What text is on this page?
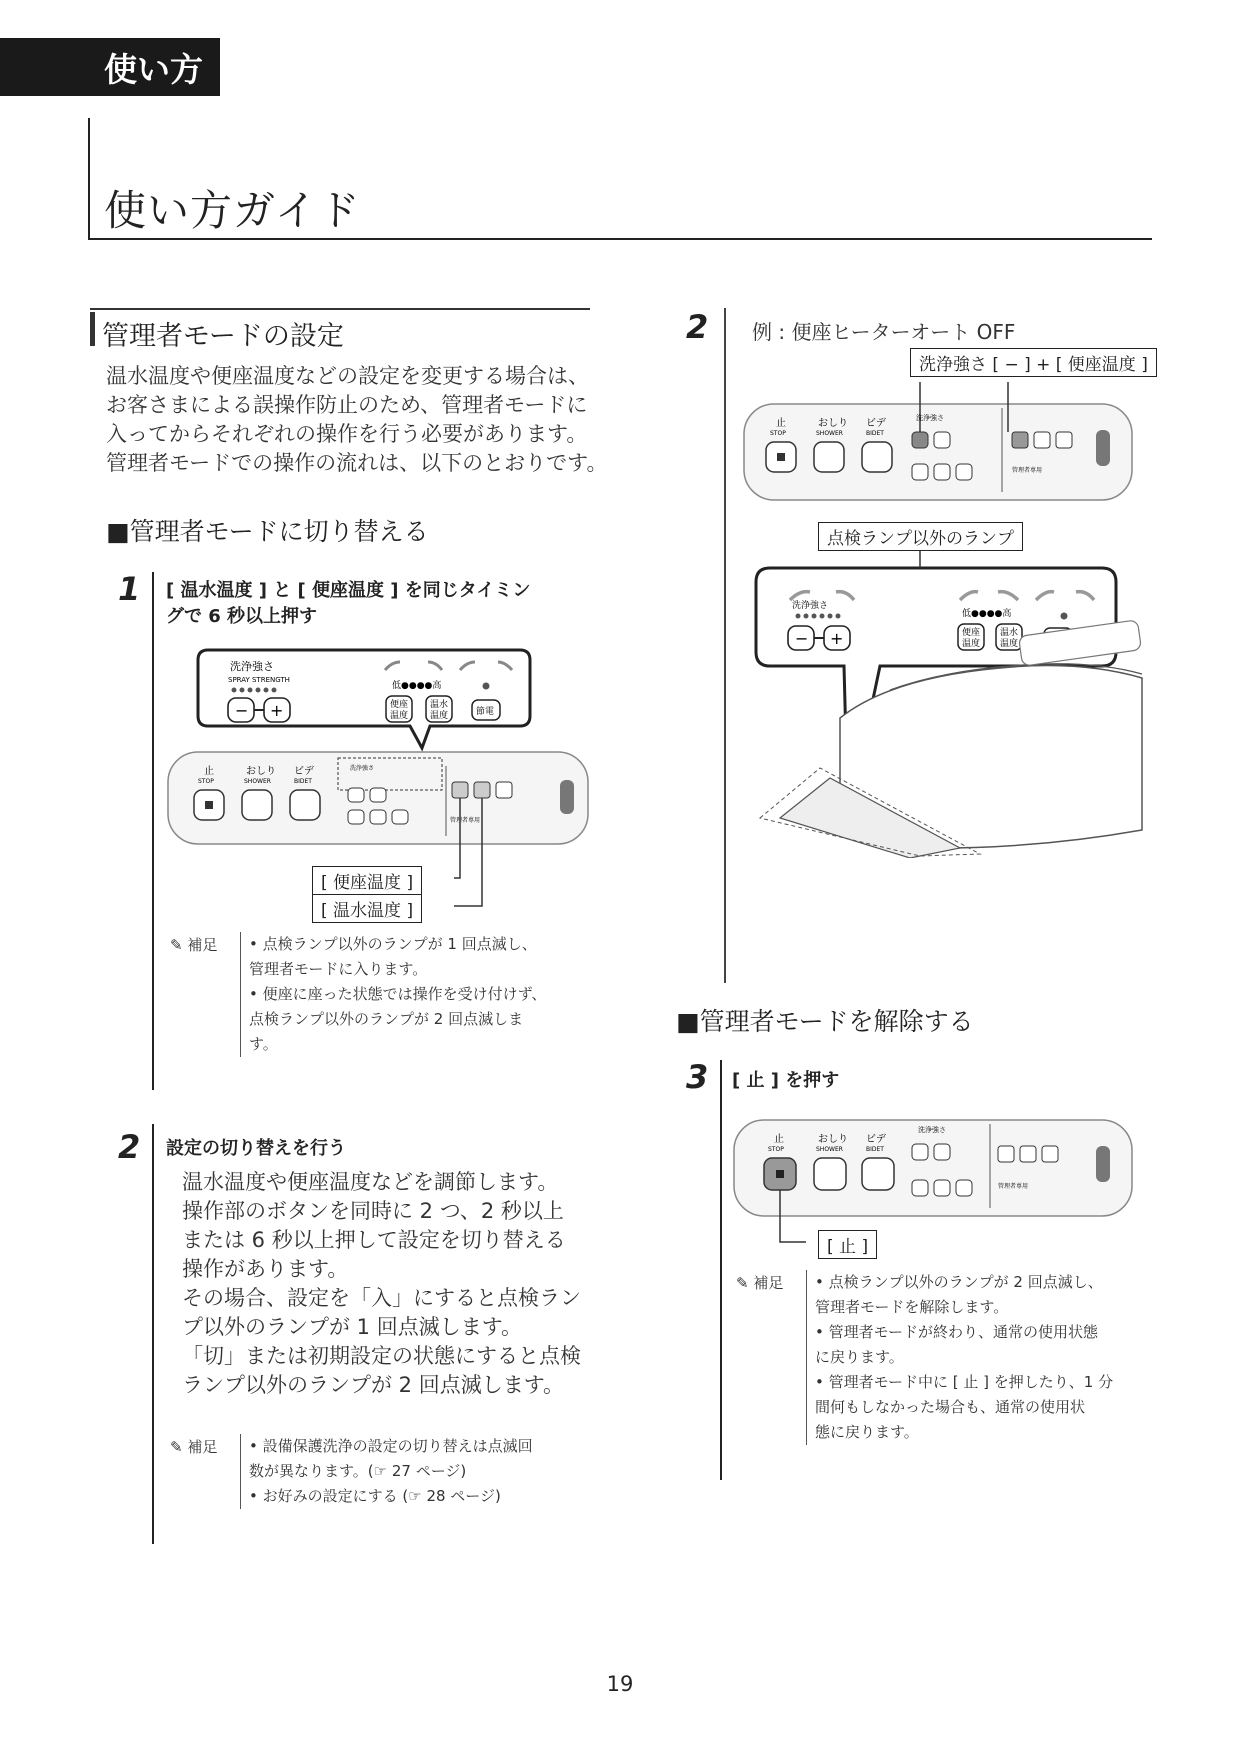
使い方
使い方ガイド
管理者モードの設定

温水温度や便座温度などの設定を変更する場合は、

お客さまによる誤操作防止のため、管理者モードに

入ってからそれぞれの操作を行う必要があります。

管理者モードでの操作の流れは、以下のとおりです。

■管理者モードに切り替える
1 [ 温水温度 ] と [ 便座温度 ] を同じタイミン
グで 6 秒以上押す
洗浄強さ
SPRAY STRENGTH
− +
低●●●●高
便座
温度
温水
温度	節電
止
STOP
おしり
SHOWER
ビデ
BIDET
洗浄強さ
管理者専用
[ 便座温度 ]
[ 温水温度 ]
✎ 補足	• 点検ランプ以外のランプが 1 回点滅し、

管理者モードに入ります。

• 便座に座った状態では操作を受け付けず、

点検ランプ以外のランプが 2 回点滅しま

す。

2 設定の切り替えを行う

温水温度や便座温度などを調節します。

操作部のボタンを同時に 2 つ、2 秒以上

または 6 秒以上押して設定を切り替える

操作があります。

その場合、設定を「入」にすると点検ラン

プ以外のランプが 1 回点滅します。

「切」または初期設定の状態にすると点検

ランプ以外のランプが 2 回点滅します。

✎ 補足	• 設備保護洗浄の設定の切り替えは点滅回

数が異なります。(☞ 27 ページ)

• お好みの設定にする (☞ 28 ページ)

2 例 : 便座ヒーターオート OFF
洗浄強さ [ − ] + [ 便座温度 ]
止
STOP
おしり
SHOWER
ビデ
BIDET
洗浄強さ
管理者専用
洗浄強さ
− +
低●●●●高
便座
温度
温水
温度
点検ランプ以外のランプ
■管理者モードを解除する
3 [ 止 ] を押す
止
STOP
おしり
SHOWER
ビデ
BIDET
洗浄強さ
管理者専用
[ 止 ]
✎ 補足	• 点検ランプ以外のランプが 2 回点滅し、

管理者モードを解除します。

• 管理者モードが終わり、通常の使用状態

に戻ります。

• 管理者モード中に [ 止 ] を押したり、1 分

間何もしなかった場合も、通常の使用状

態に戻ります。

19
